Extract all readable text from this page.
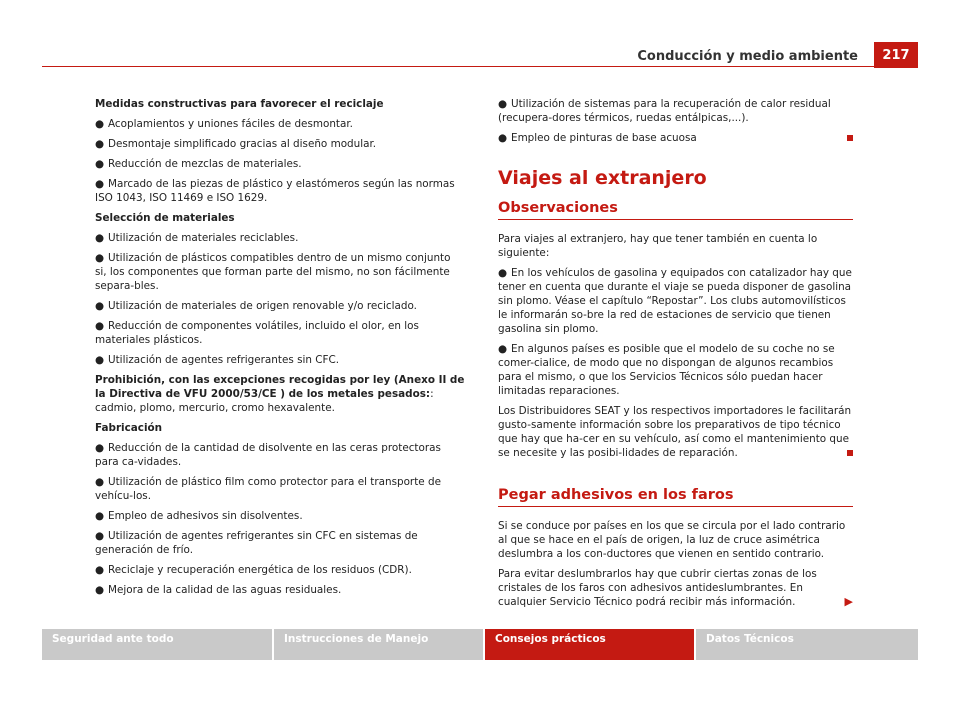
Conducción y medio ambiente	217

Medidas constructivas para favorecer el reciclaje

● Acoplamientos y uniones fáciles de desmontar.
● Desmontaje simplificado gracias al diseño modular.
● Reducción de mezclas de materiales.
● Marcado de las piezas de plástico y elastómeros según las normas ISO 1043, ISO 11469 e ISO 1629.

Selección de materiales

● Utilización de materiales reciclables.
● Utilización de plásticos compatibles dentro de un mismo conjunto si, los componentes que forman parte del mismo, no son fácilmente separa-bles.
● Utilización de materiales de origen renovable y/o reciclado.
● Reducción de componentes volátiles, incluido el olor, en los materiales plásticos.
● Utilización de agentes refrigerantes sin CFC.

Prohibición, con las excepciones recogidas por ley (Anexo II de la Directiva de VFU 2000/53/CE ) de los metales pesados:: cadmio, plomo, mercurio, cromo hexavalente.

Fabricación

● Reducción de la cantidad de disolvente en las ceras protectoras para ca-vidades.
● Utilización de plástico film como protector para el transporte de vehícu-los.
● Empleo de adhesivos sin disolventes.
● Utilización de agentes refrigerantes sin CFC en sistemas de generación de frío.
● Reciclaje y recuperación energética de los residuos (CDR).
● Mejora de la calidad de las aguas residuales.
● Utilización de sistemas para la recuperación de calor residual (recupera-dores térmicos, ruedas entálpicas,...).
● Empleo de pinturas de base acuosa
Viajes al extranjero
Observaciones

Para viajes al extranjero, hay que tener también en cuenta lo siguiente:

● En los vehículos de gasolina y equipados con catalizador hay que tener en cuenta que durante el viaje se pueda disponer de gasolina sin plomo. Véase el capítulo “Repostar”. Los clubs automovilísticos le informarán so-bre la red de estaciones de servicio que tienen gasolina sin plomo.
● En algunos países es posible que el modelo de su coche no se comer-cialice, de modo que no dispongan de algunos recambios para el mismo, o que los Servicios Técnicos sólo puedan hacer limitadas reparaciones.

Los Distribuidores SEAT y los respectivos importadores le facilitarán gusto-samente información sobre los preparativos de tipo técnico que hay que ha-cer en su vehículo, así como el mantenimiento que se necesite y las posibi-lidades de reparación.

Pegar adhesivos en los faros

Si se conduce por países en los que se circula por el lado contrario al que se hace en el país de origen, la luz de cruce asimétrica deslumbra a los con-ductores que vienen en sentido contrario.

Para evitar deslumbrarlos hay que cubrir ciertas zonas de los cristales de los faros con adhesivos antideslumbrantes. En cualquier Servicio Técnico podrá recibir más información.	▶

Seguridad ante todo	Instrucciones de Manejo	Consejos prácticos	Datos Técnicos
